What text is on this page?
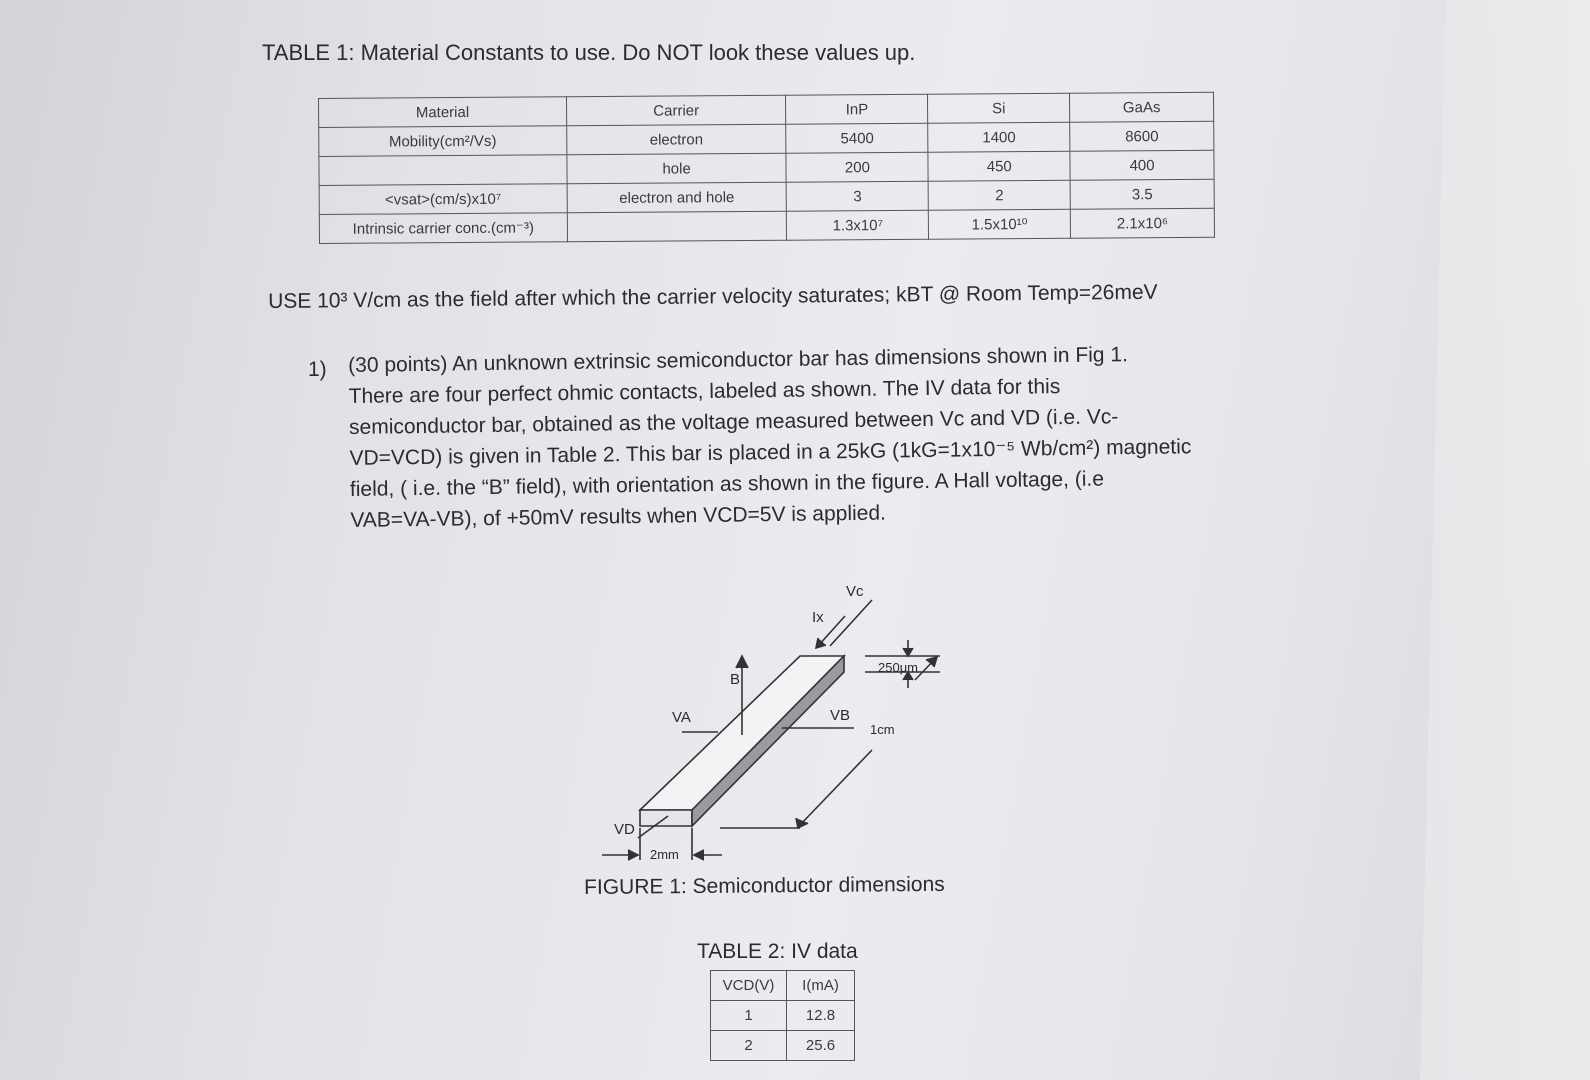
TABLE 1: Material Constants to use. Do NOT look these values up.
Material	Carrier	InP	Si	GaAs
Mobility(cm²/Vs)	electron	5400	1400	8600
	hole	200	450	400
<vsat>(cm/s)x10⁷	electron and hole	3	2	3.5
Intrinsic carrier conc.(cm⁻³)		1.3x10⁷	1.5x10¹⁰	2.1x10⁶
USE 10³ V/cm as the field after which the carrier velocity saturates; kBT @ Room Temp=26meV
1) (30 points) An unknown extrinsic semiconductor bar has dimensions shown in Fig 1.
There are four perfect ohmic contacts, labeled as shown. The IV data for this
semiconductor bar, obtained as the voltage measured between Vc and VD (i.e. Vc-
VD=VCD) is given in Table 2. This bar is placed in a 25kG (1kG=1x10⁻⁵ Wb/cm²) magnetic
field, ( i.e. the “B” field), with orientation as shown in the figure. A Hall voltage, (i.e
VAB=VA-VB), of +50mV results when VCD=5V is applied.
Vc
Ix
B
VA	VB
VD
250μm
1cm
2mm
FIGURE 1: Semiconductor dimensions
TABLE 2: IV data
VCD(V)	I(mA)
1	12.8
2	25.6
